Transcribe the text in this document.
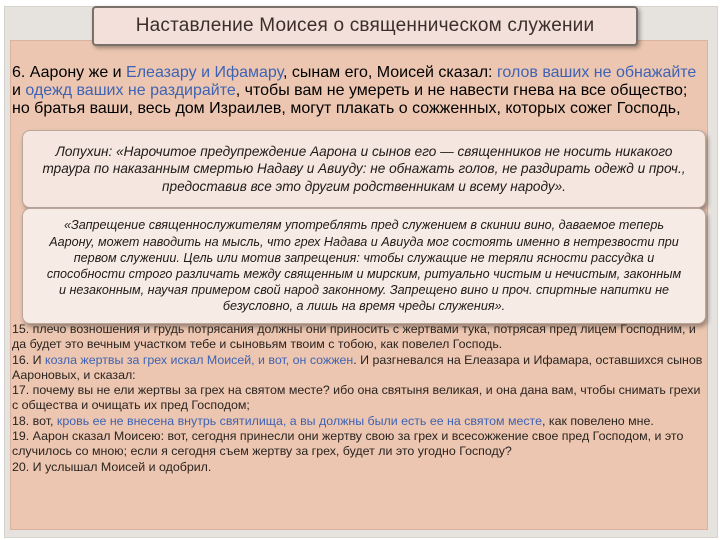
Наставление Моисея о священническом служении

6. Аарону же и Елеазару и Ифамару, сынам его, Моисей сказал: голов ваших не обнажайте и одежд ваших не раздирайте, чтобы вам не умереть и не навести гнева на все общество; но братья ваши, весь дом Израилев, могут плакать о сожженных, которых сожег Господь,

Лопухин: «Нарочитое предупреждение Аарона и сынов его — священников не носить никакого траура по наказанным смертью Надаву и Авиуду: не обнажать голов, не раздирать одежд и проч., предоставив все это другим родственникам и всему народу».

«Запрещение священнослужителям употреблять пред служением в скинии вино, даваемое теперь Аарону, может наводить на мысль, что грех Надава и Авиуда мог состоять именно в нетрезвости при первом служении. Цель или мотив запрещения: чтобы служащие не теряли ясности рассудка и способности строго различать между священным и мирским, ритуально чистым и нечистым, законным и незаконным, научая примером свой народ законному. Запрещено вино и проч. спиртные напитки не безусловно, а лишь на время чреды служения».

15. плечо возношения и грудь потрясания должны они приносить с жертвами тука, потрясая пред лицем Господним, и да будет это вечным участком тебе и сыновьям твоим с тобою, как повелел Господь.

16. И козла жертвы за грех искал Моисей, и вот, он сожжен. И разгневался на Елеазара и Ифамара, оставшихся сынов Аароновых, и сказал:

17. почему вы не ели жертвы за грех на святом месте? ибо она святыня великая, и она дана вам, чтобы снимать грехи с общества и очищать их пред Господом;

18. вот, кровь ее не внесена внутрь святилища, а вы должны были есть ее на святом месте, как повелено мне.

19. Аарон сказал Моисею: вот, сегодня принесли они жертву свою за грех и всесожжение свое пред Господом, и это случилось со мною; если я сегодня съем жертву за грех, будет ли это угодно Господу?

20. И услышал Моисей и одобрил.
